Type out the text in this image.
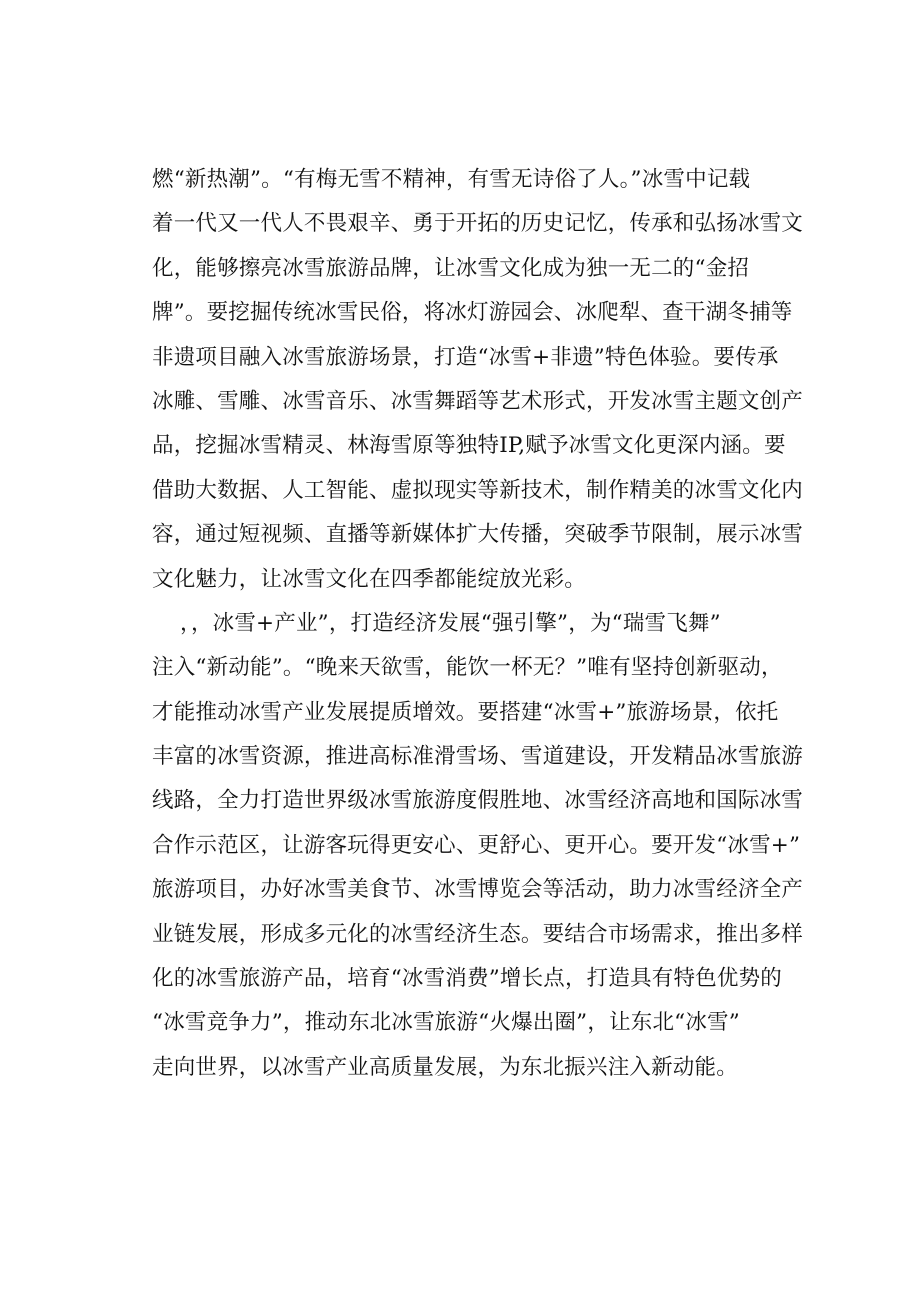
燃“新热潮”。“有梅无雪不精神，有雪无诗俗了人。”冰雪中记载
着一代又一代人不畏艰辛、勇于开拓的历史记忆，传承和弘扬冰雪文
化，能够擦亮冰雪旅游品牌，让冰雪文化成为独一无二的“金招
牌”。要挖掘传统冰雪民俗，将冰灯游园会、冰爬犁、查干湖冬捕等
非遗项目融入冰雪旅游场景，打造“冰雪+非遗”特色体验。要传承
冰雕、雪雕、冰雪音乐、冰雪舞蹈等艺术形式，开发冰雪主题文创产
品，挖掘冰雪精灵、林海雪原等独特IP,赋予冰雪文化更深内涵。要
借助大数据、人工智能、虚拟现实等新技术，制作精美的冰雪文化内
容，通过短视频、直播等新媒体扩大传播，突破季节限制，展示冰雪
文化魅力，让冰雪文化在四季都能绽放光彩。
，，冰雪+产业”，打造经济发展“强引擎”，为“瑞雪飞舞”
注入“新动能”。“晚来天欲雪，能饮一杯无？”唯有坚持创新驱动，
才能推动冰雪产业发展提质增效。要搭建“冰雪+”旅游场景，依托
丰富的冰雪资源，推进高标准滑雪场、雪道建设，开发精品冰雪旅游
线路，全力打造世界级冰雪旅游度假胜地、冰雪经济高地和国际冰雪
合作示范区，让游客玩得更安心、更舒心、更开心。要开发“冰雪+”
旅游项目，办好冰雪美食节、冰雪博览会等活动，助力冰雪经济全产
业链发展，形成多元化的冰雪经济生态。要结合市场需求，推出多样
化的冰雪旅游产品，培育“冰雪消费”增长点，打造具有特色优势的
“冰雪竞争力”，推动东北冰雪旅游“火爆出圈”，让东北“冰雪”
走向世界，以冰雪产业高质量发展，为东北振兴注入新动能。
